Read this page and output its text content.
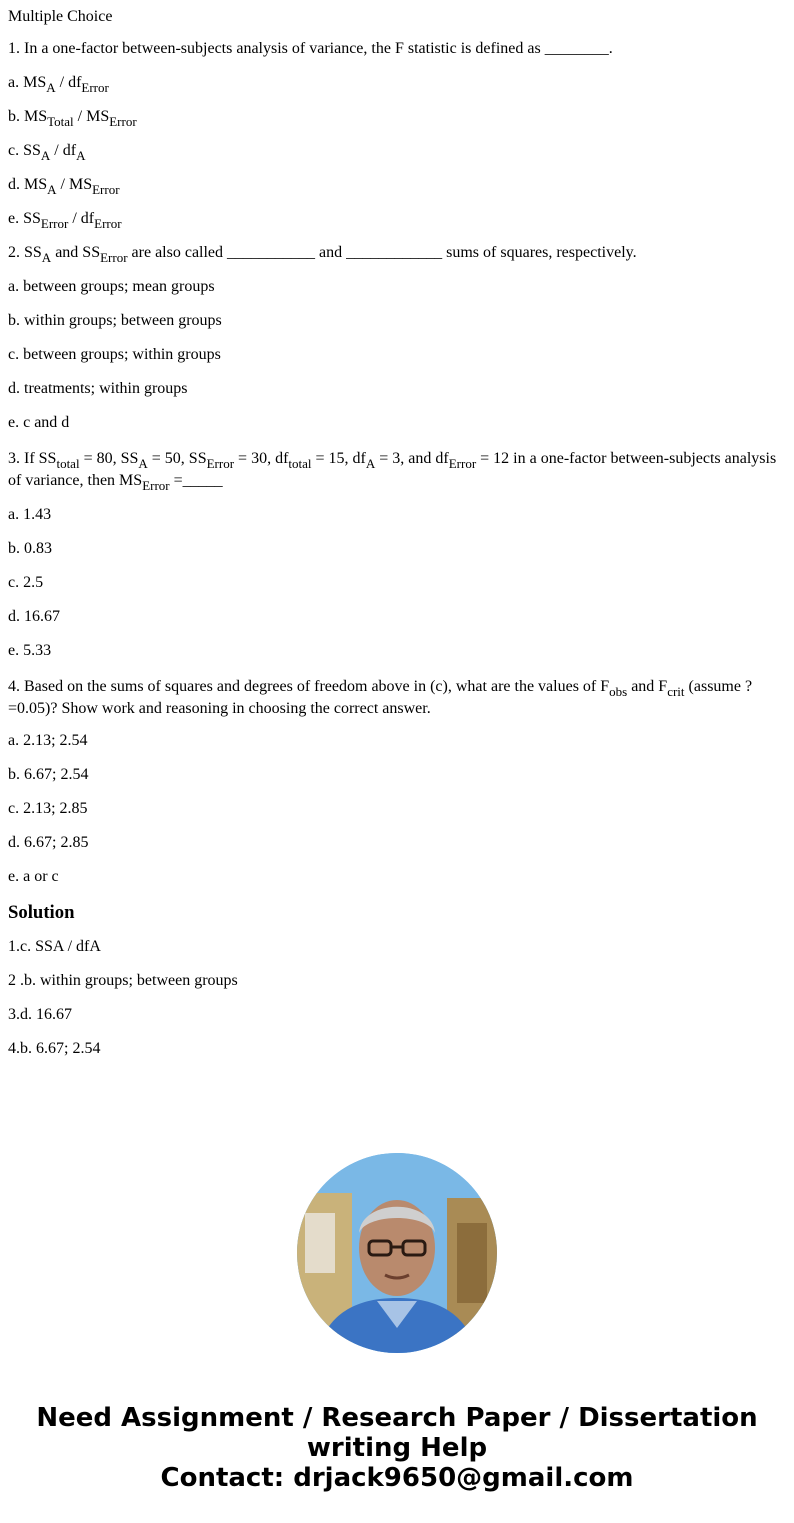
Multiple Choice

1. In a one-factor between-subjects analysis of variance, the F statistic is defined as ________.

a. $MS_A / df_{Error}$

b. $MS_{Total} / MS_{Error}$

c. $SS_A / df_A$

d. $MS_A / MS_{Error}$

e. $SS_{Error} / df_{Error}$

2. $SS_A$ and $SS_{Error}$ are also called ___________ and ____________ sums of squares, respectively.

a. between groups; mean groups

b. within groups; between groups

c. between groups; within groups

d. treatments; within groups

e. c and d

3. If $SS_{total} = 80$, $SS_A = 50$, $SS_{Error} = 30$, $df_{total} = 15$, $df_A = 3$, and $df_{Error} = 12$ in a one-factor between-subjects analysis of variance, then $MS_{Error}$ =_____

a. 1.43

b. 0.83

c. 2.5

d. 16.67

e. 5.33

4. Based on the sums of squares and degrees of freedom above in (c), what are the values of $F_{obs}$ and $F_{crit}$ (assume ? =0.05)? Show work and reasoning in choosing the correct answer.

a. 2.13; 2.54

b. 6.67; 2.54

c. 2.13; 2.85

d. 6.67; 2.85

e. a or c

Solution

1.c. SSA / dfA

2 .b. within groups; between groups

3.d. 16.67

4.b. 6.67; 2.54

Need Assignment / Research Paper / Dissertation
writing Help
Contact: drjack9650@gmail.com
